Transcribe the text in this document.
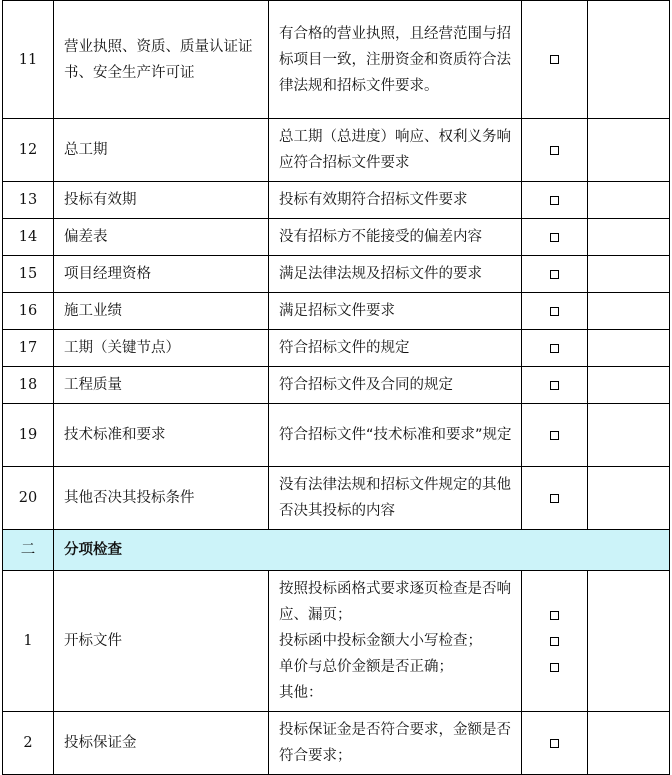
11	营业执照、资质、质量认证证书、安全生产许可证	有合格的营业执照，且经营范围与招标项目一致，注册资金和资质符合法律法规和招标文件要求。		

12	总工期	总工期（总进度）响应、权利义务响应符合招标文件要求		

13	投标有效期	投标有效期符合招标文件要求		

14	偏差表	没有招标方不能接受的偏差内容		

15	项目经理资格	满足法律法规及招标文件的要求		

16	施工业绩	满足招标文件要求		

17	工期（关键节点）	符合招标文件的规定		

18	工程质量	符合招标文件及合同的规定		

19	技术标准和要求	符合招标文件“技术标准和要求”规定		

20	其他否决其投标条件	没有法律法规和招标文件规定的其他否决其投标的内容		

二	分项检查			
1	开标文件	按照投标函格式要求逐页检查是否响应、漏页；
投标函中投标金额大小写检查；
单价与总价金额是否正确；
其他：		

2	投标保证金	投标保证金是否符合要求，金额是否符合要求；		
